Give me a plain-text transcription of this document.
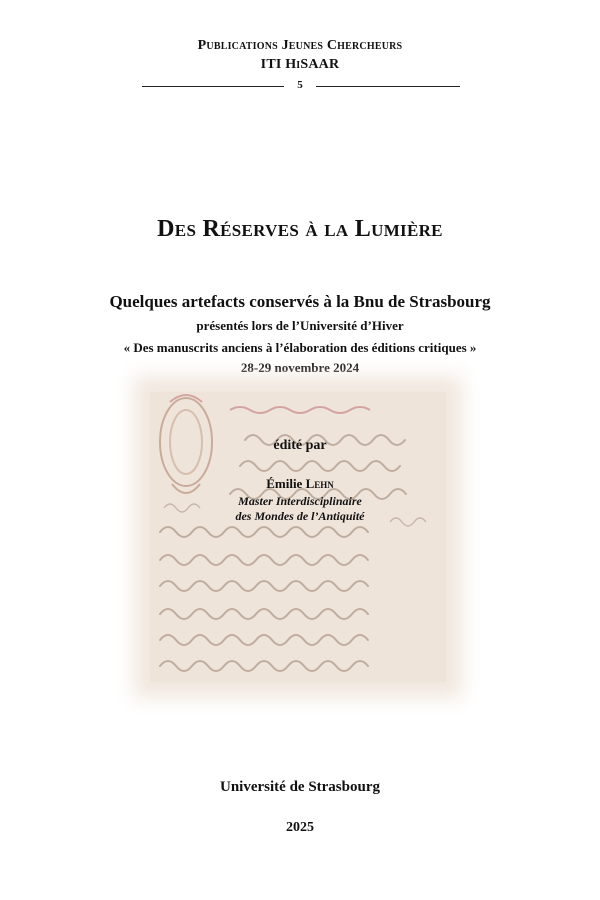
Publications Jeunes Chercheurs
ITI HiSAAR
5
Des Réserves à la Lumière
Quelques artefacts conservés à la Bnu de Strasbourg
présentés lors de l’Université d’Hiver
« Des manuscrits anciens à l’élaboration des éditions critiques »
28-29 novembre 2024
édité par
Émilie Lehn
Master Interdisciplinaire
des Mondes de l’Antiquité
Université de Strasbourg
2025
